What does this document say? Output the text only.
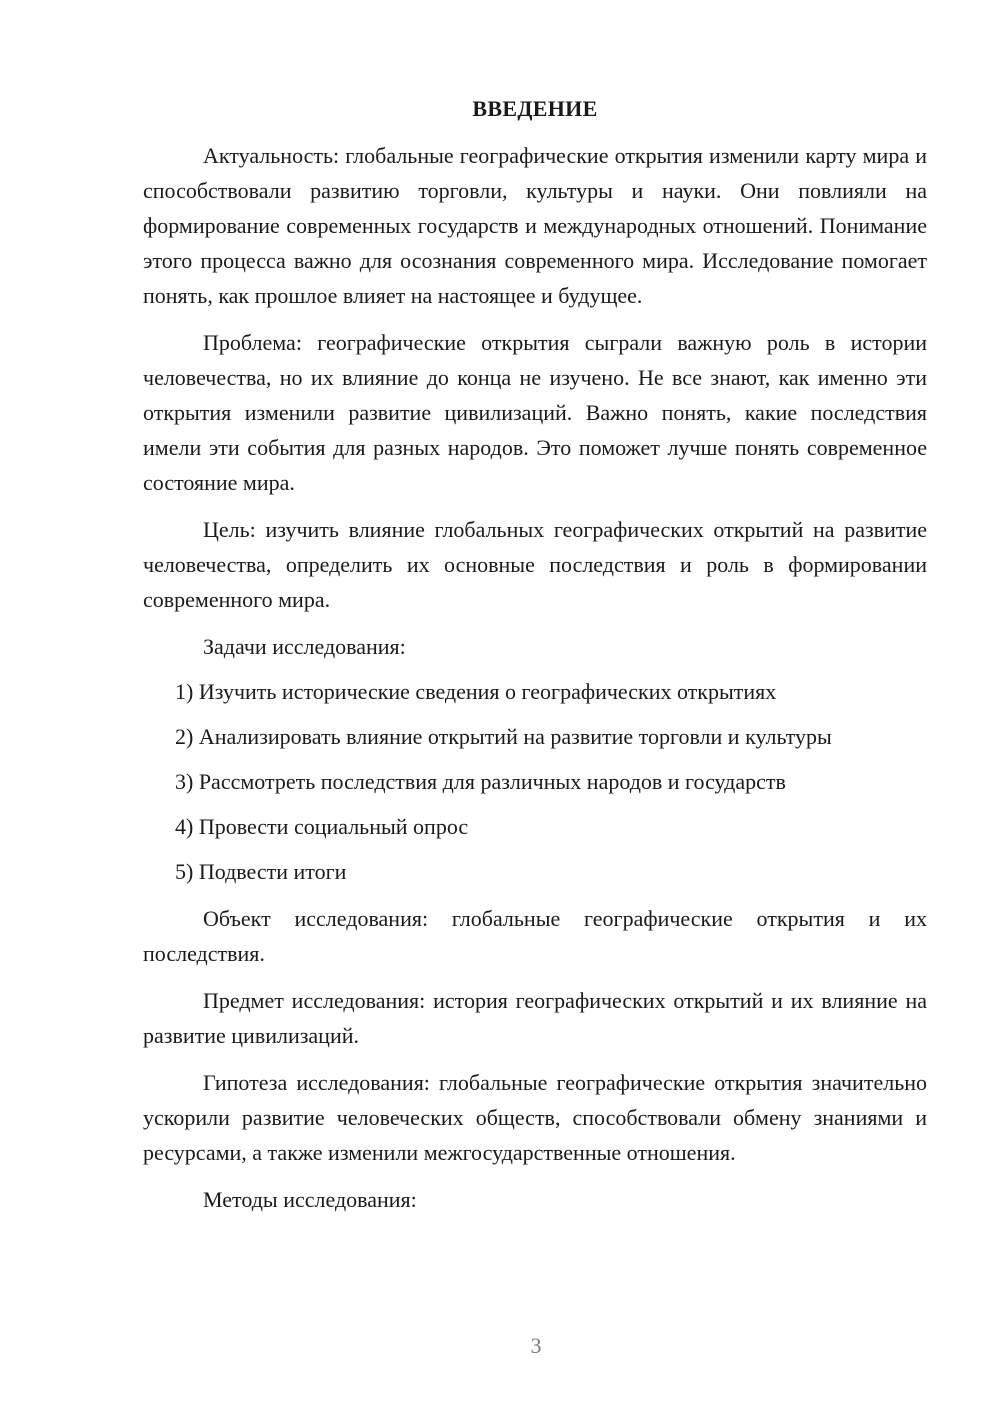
ВВЕДЕНИЕ

Актуальность: глобальные географические открытия изменили карту мира и способствовали развитию торговли, культуры и науки. Они повлияли на формирование современных государств и международных отношений. Понимание этого процесса важно для осознания современного мира. Исследование помогает понять, как прошлое влияет на настоящее и будущее.

Проблема: географические открытия сыграли важную роль в истории человечества, но их влияние до конца не изучено. Не все знают, как именно эти открытия изменили развитие цивилизаций. Важно понять, какие последствия имели эти события для разных народов. Это поможет лучше понять современное состояние мира.

Цель: изучить влияние глобальных географических открытий на развитие человечества, определить их основные последствия и роль в формировании современного мира.

Задачи исследования:

1) Изучить исторические сведения о географических открытиях

2) Анализировать влияние открытий на развитие торговли и культуры

3) Рассмотреть последствия для различных народов и государств

4) Провести социальный опрос

5) Подвести итоги

Объект исследования: глобальные географические открытия и их последствия.

Предмет исследования: история географических открытий и их влияние на развитие цивилизаций.

Гипотеза исследования: глобальные географические открытия значительно ускорили развитие человеческих обществ, способствовали обмену знаниями и ресурсами, а также изменили межгосударственные отношения.

Методы исследования:

3
